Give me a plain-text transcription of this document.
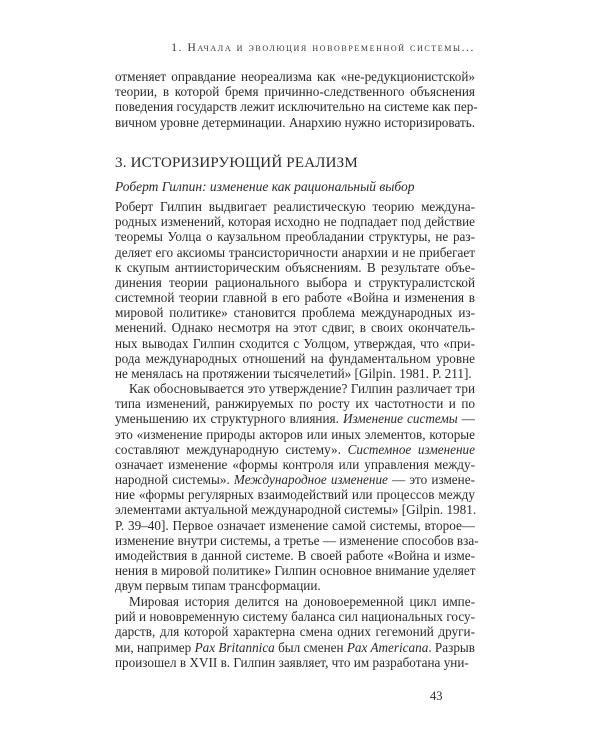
1. Начала и эволюция нововременной системы...
отменяет оправдание неореализма как «не-редукционистской»
теории, в которой бремя причинно-следственного объяснения
поведения государств лежит исключительно на системе как пер-
вичном уровне детерминации. Анархию нужно историзировать.
Роберт Гилпин выдвигает реалистическую теорию междуна-
родных изменений, которая исходно не подпадает под действие
теоремы Уолца о каузальном преобладании структуры, не раз-
деляет его аксиомы трансисторичности анархии и не прибегает
к скупым антиисторическим объяснениям. В результате объе-
динения теории рационального выбора и структуралистской
системной теории главной в его работе «Война и изменения в
мировой политике» становится проблема международных из-
менений. Однако несмотря на этот сдвиг, в своих окончатель-
ных выводах Гилпин сходится с Уолцом, утверждая, что «при-
рода международных отношений на фундаментальном уровне
не менялась на протяжении тысячелетий» [Gilpin. 1981. P. 211].
Как обосновывается это утверждение? Гилпин различает три
типа изменений, ранжируемых по росту их частотности и по
уменьшению их структурного влияния. Изменение системы —
это «изменение природы акторов или иных элементов, которые
составляют международную систему». Системное изменение
означает изменение «формы контроля или управления между-
народной системы». Международное изменение — это измене-
ние «формы регулярных взаимодействий или процессов между
элементами актуальной международной системы» [Gilpin. 1981.
P. 39–40]. Первое означает изменение самой системы, второе—
изменение внутри системы, а третье — изменение способов вза-
имодействия в данной системе. В своей работе «Война и изме-
нения в мировой политике» Гилпин основное внимание уделяет
двум первым типам трансформации.
Мировая история делится на доновоеременной цикл импе-
рий и нововременную систему баланса сил национальных госу-
дарств, для которой характерна смена одних гегемоний други-
ми, например Pax Britannica был сменен Pax Americana. Разрыв
произошел в XVII в. Гилпин заявляет, что им разработана уни-
3. ИСТОРИЗИРУЮЩИЙ РЕАЛИЗМ
Роберт Гилпин: изменение как рациональный выбор
43
